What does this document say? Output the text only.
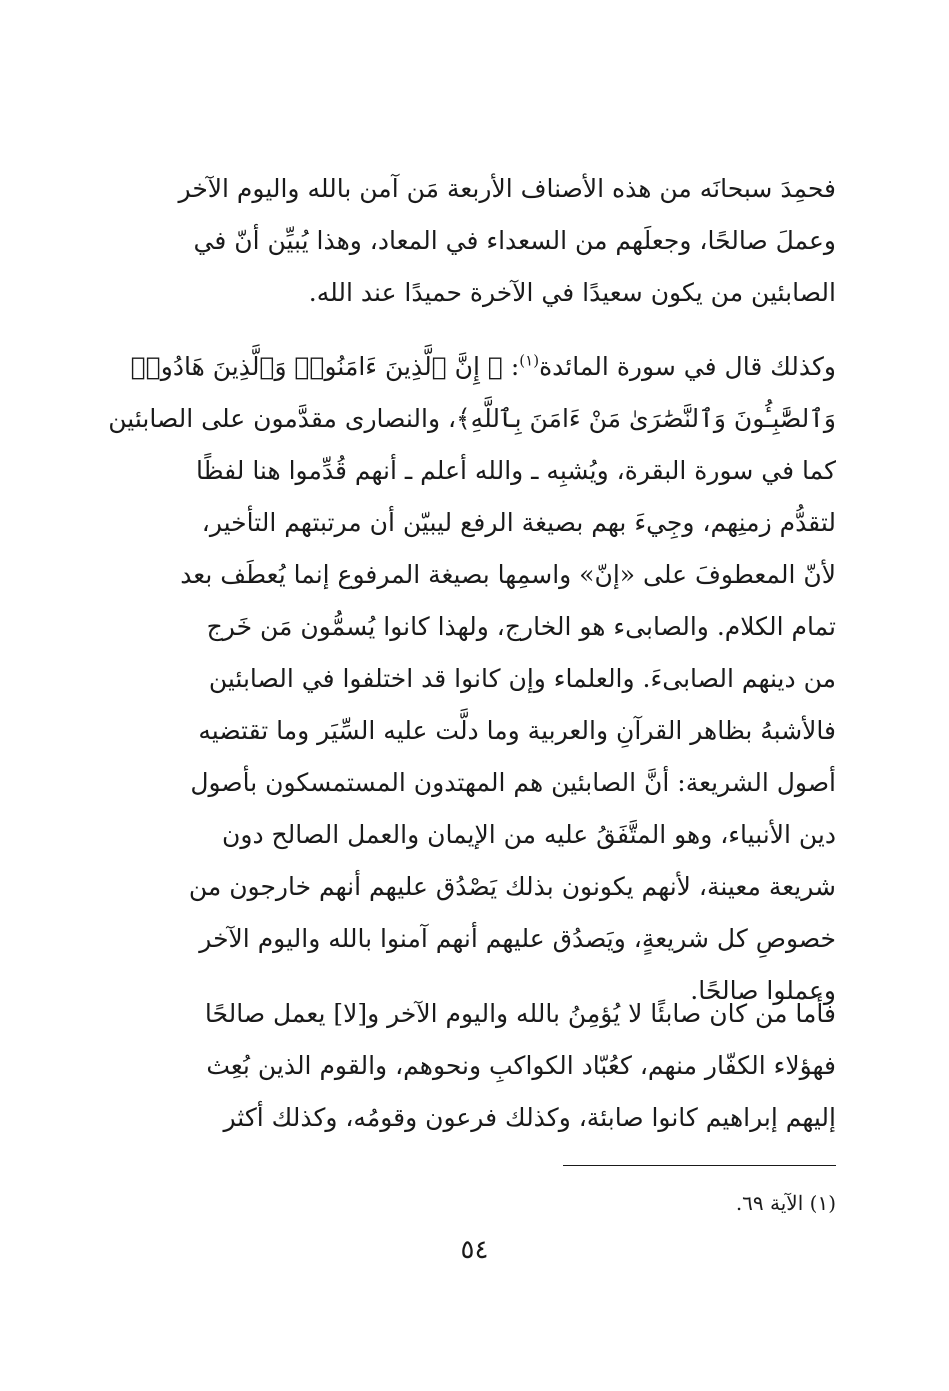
فحمِدَ سبحانَه من هذه الأصناف الأربعة مَن آمن بالله واليوم الآخر
وعملَ صالحًا، وجعلَهم من السعداء في المعاد، وهذا يُبيِّن أنّ في
الصابئين من يكون سعيدًا في الآخرة حميدًا عند الله.
وكذلك قال في سورة المائدة$^{(١)}$: ﴿ إِنَّ ٱلَّذِينَ ءَامَنُوا۟ وَٱلَّذِينَ هَادُوا۟
وَٱلصَّٰبِـُٔونَ وَٱلنَّصَٰرَىٰ مَنْ ءَامَنَ بِٱللَّهِ﴾، والنصارى مقدَّمون على الصابئين
كما في سورة البقرة، ويُشبِه ـ والله أعلم ـ أنهم قُدِّموا هنا لفظًا
لتقدُّم زمنِهم، وجِيءَ بهم بصيغة الرفع ليبيّن أن مرتبتهم التأخير،
لأنّ المعطوفَ على «إنّ» واسمِها بصيغة المرفوع إنما يُعطَف بعد
تمام الكلام. والصابىء هو الخارج، ولهذا كانوا يُسمُّون مَن خَرج
من دينهم الصابىءَ. والعلماء وإن كانوا قد اختلفوا في الصابئين
فالأشبهُ بظاهر القرآنِ والعربية وما دلَّت عليه السِّيَر وما تقتضيه
أصول الشريعة: أنَّ الصابئين هم المهتدون المستمسكون بأصول
دين الأنبياء، وهو المتَّفَقُ عليه من الإيمان والعمل الصالح دون
شريعة معينة، لأنهم يكونون بذلك يَصْدُق عليهم أنهم خارجون من
خصوصِ كل شريعةٍ، ويَصدُق عليهم أنهم آمنوا بالله واليوم الآخر
وعملوا صالحًا.
فأما من كان صابئًا لا يُؤمِنُ بالله واليوم الآخر و[لا] يعمل صالحًا
فهؤلاء الكفّار منهم، كعُبّاد الكواكبِ ونحوهم، والقوم الذين بُعِث
إليهم إبراهيم كانوا صابئة، وكذلك فرعون وقومُه، وكذلك أكثر
(١) الآية ٦٩.
٥٤
